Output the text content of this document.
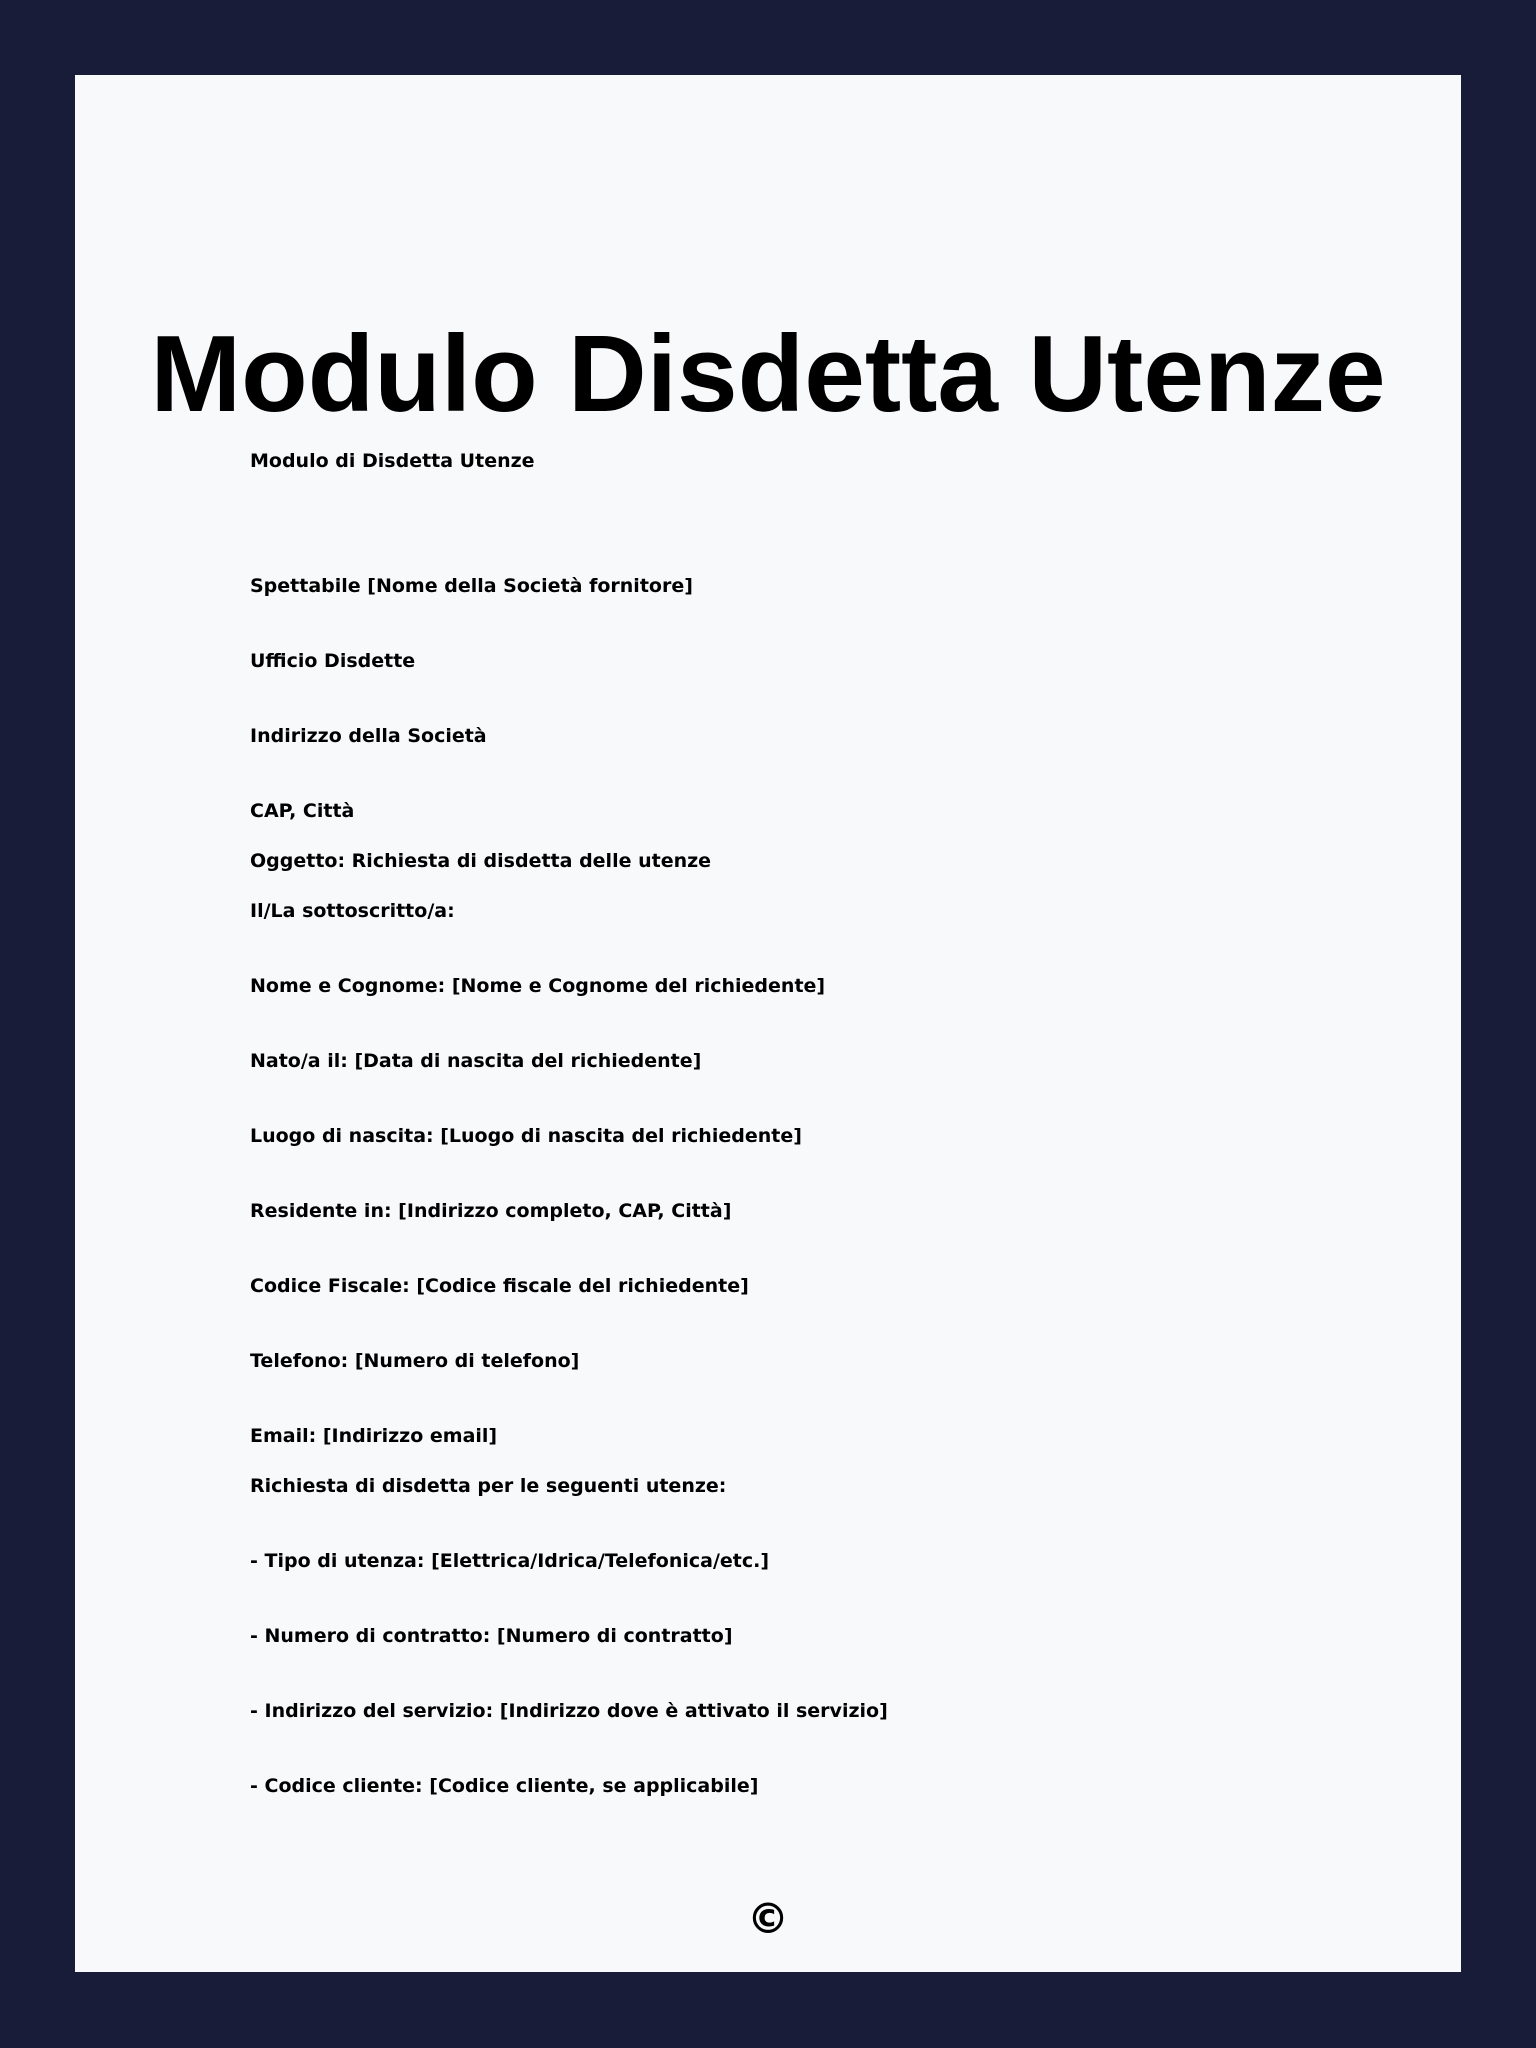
Modulo Disdetta Utenze

Modulo di Disdetta Utenze

Spettabile [Nome della Società fornitore]

Ufficio Disdette

Indirizzo della Società

CAP, Città

Oggetto: Richiesta di disdetta delle utenze

Il/La sottoscritto/a:

Nome e Cognome: [Nome e Cognome del richiedente]

Nato/a il: [Data di nascita del richiedente]

Luogo di nascita: [Luogo di nascita del richiedente]

Residente in: [Indirizzo completo, CAP, Città]

Codice Fiscale: [Codice fiscale del richiedente]

Telefono: [Numero di telefono]

Email: [Indirizzo email]

Richiesta di disdetta per le seguenti utenze:

- Tipo di utenza: [Elettrica/Idrica/Telefonica/etc.]

- Numero di contratto: [Numero di contratto]

- Indirizzo del servizio: [Indirizzo dove è attivato il servizio]

- Codice cliente: [Codice cliente, se applicabile]

©
